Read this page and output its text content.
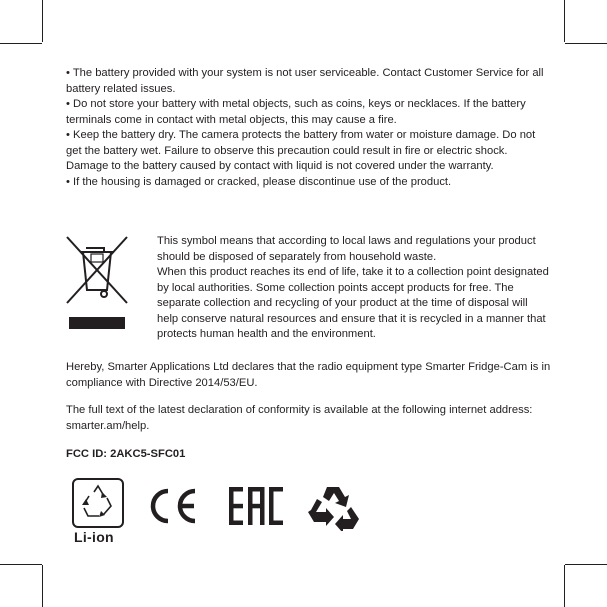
• The battery provided with your system is not user serviceable. Contact Customer Service for all battery related issues.

• Do not store your battery with metal objects, such as coins, keys or necklaces. If the battery terminals come in contact with metal objects, this may cause a fire.

• Keep the battery dry. The camera protects the battery from water or moisture damage. Do not get the battery wet. Failure to observe this precaution could result in fire or electric shock. Damage to the battery caused by contact with liquid is not covered under the warranty.

• If the housing is damaged or cracked, please discontinue use of the product.

This symbol means that according to local laws and regulations your product should be disposed of separately from household waste.

When this product reaches its end of life, take it to a collection point designated by local authorities. Some collection points accept products for free. The separate collection and recycling of your product at the time of disposal will help conserve natural resources and ensure that it is recycled in a manner that protects human health and the environment.

Hereby, Smarter Applications Ltd declares that the radio equipment type Smarter Fridge-Cam is in compliance with Directive 2014/53/EU.

The full text of the latest declaration of conformity is available at the following internet address: smarter.am/help.

FCC ID: 2AKC5-SFC01
Li-ion
